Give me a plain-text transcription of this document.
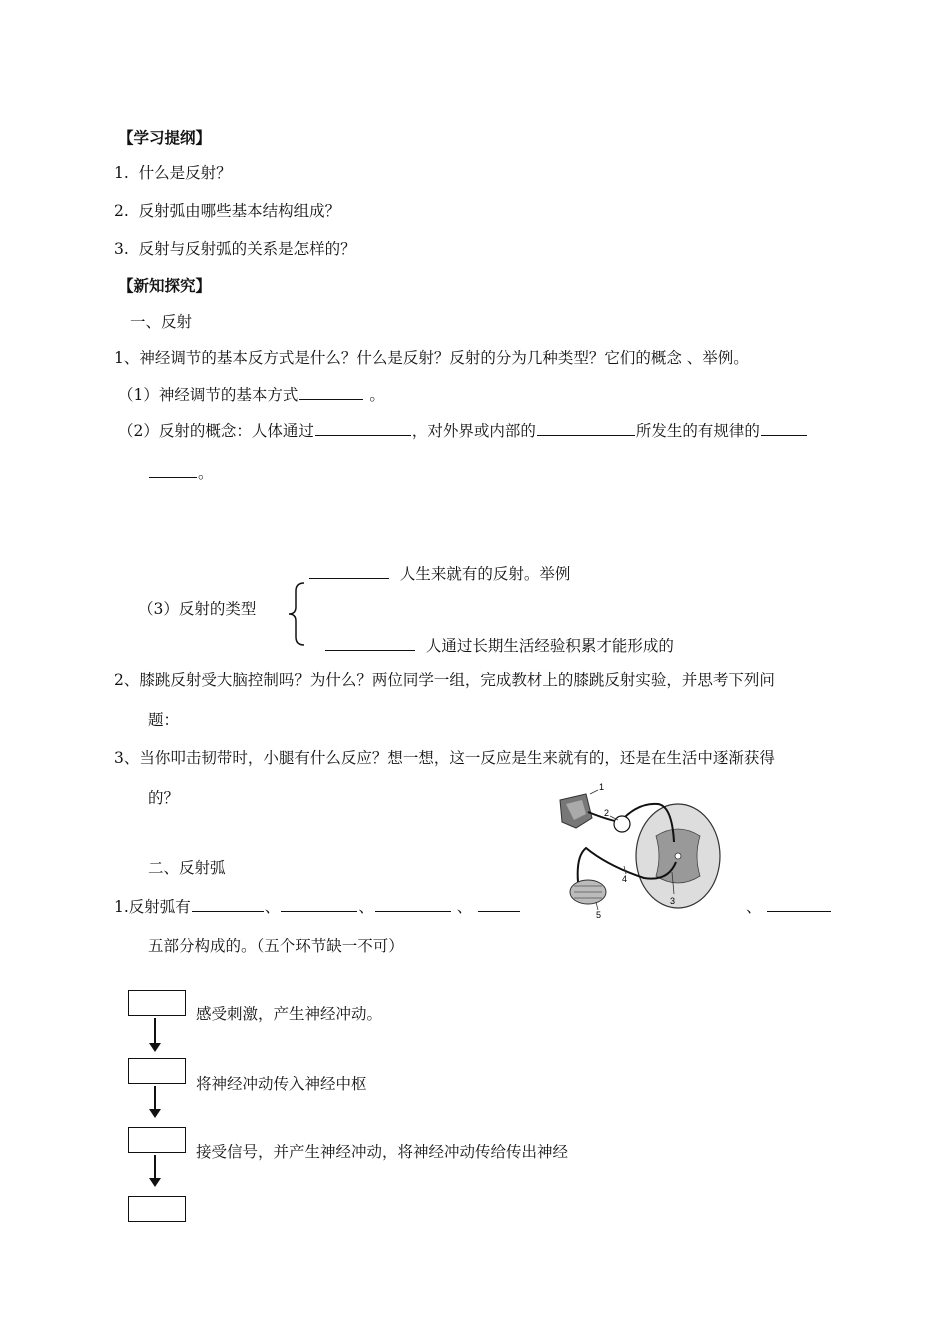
【学习提纲】
1. 什么是反射？
2. 反射弧由哪些基本结构组成？
3. 反射与反射弧的关系是怎样的？
【新知探究】
一、反射
1、神经调节的基本反方式是什么？什么是反射？反射的分为几种类型？它们的概念 、举例。
（1）神经调节的基本方式	。
（2）反射的概念：人体通过	，对外界或内部的	所发生的有规律的
。
人生来就有的反射。举例
（3）反射的类型
人通过长期生活经验积累才能形成的
2、膝跳反射受大脑控制吗？为什么？两位同学一组，完成教材上的膝跳反射实验，并思考下列问
题：
3、当你叩击韧带时，小腿有什么反应？想一想，这一反应是生来就有的，还是在生活中逐渐获得
的？
1
2
3
4
5
二、反射弧
1.反射弧有	、	、	、	、
五部分构成的。（五个环节缺一不可）
感受刺激，产生神经冲动。
将神经冲动传入神经中枢
接受信号，并产生神经冲动，将神经冲动传给传出神经
